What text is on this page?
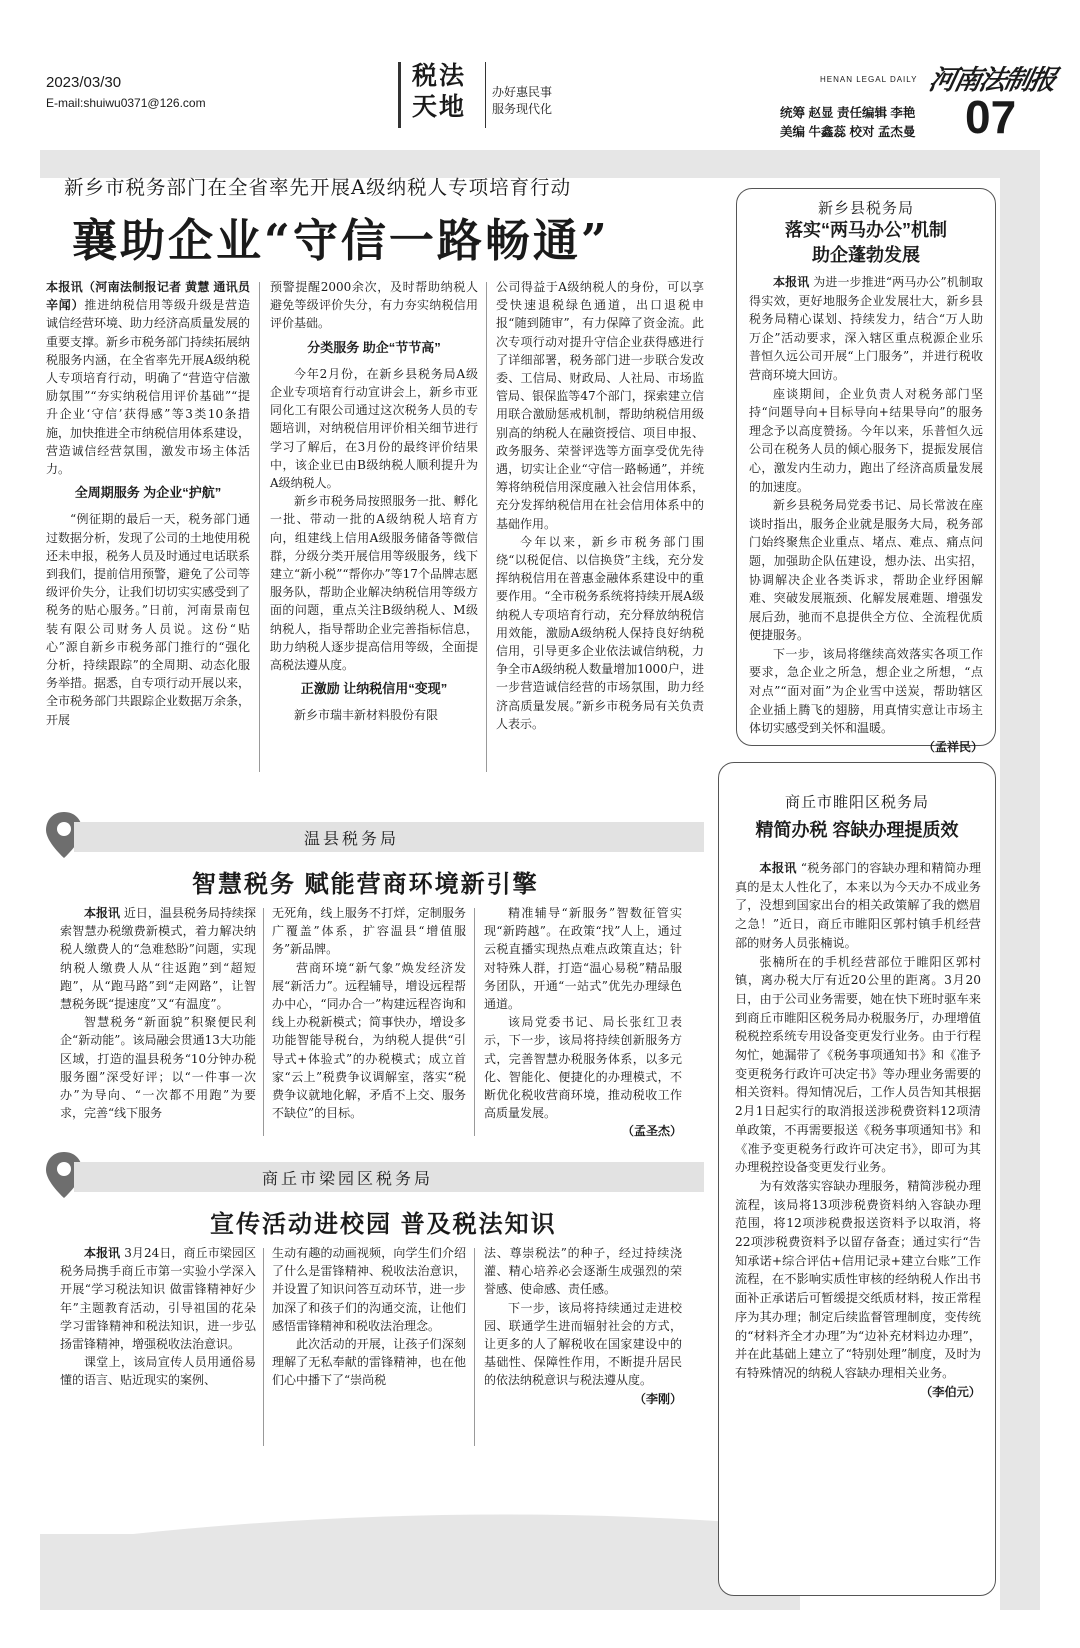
2023/03/30
E-mail:shuiwu0371@126.com
税法
天地 办好惠民事
服务现代化
HENAN LEGAL DAILY 河南法制报
统筹 赵显 责任编辑 李艳
美编 牛鑫蕊 校对 孟杰曼 07
新乡市税务部门在全省率先开展A级纳税人专项培育行动
襄助企业“守信一路畅通”

本报讯（河南法制报记者 黄慧 通讯员 辛闻）推进纳税信用等级升级是营造诚信经营环境、助力经济高质量发展的重要支撑。新乡市税务部门持续拓展纳税服务内涵，在全省率先开展A级纳税人专项培育行动，明确了“营造守信激励氛围”“夯实纳税信用评价基础”“提升企业‘守信’获得感”等3类10条措施，加快推进全市纳税信用体系建设，营造诚信经营氛围，激发市场主体活力。

全周期服务 为企业“护航”

“例征期的最后一天，税务部门通过数据分析，发现了公司的土地使用税还未申报，税务人员及时通过电话联系到我们，提前信用预警，避免了公司等级评价失分，让我们切切实实感受到了税务的贴心服务。”日前，河南景南包装有限公司财务人员说。这份“贴心”源自新乡市税务部门推行的“强化分析，持续跟踪”的全周期、动态化服务举措。据悉，自专项行动开展以来，全市税务部门共跟踪企业数据万余条，开展

预警提醒2000余次，及时帮助纳税人避免等级评价失分，有力夯实纳税信用评价基础。

分类服务 助企“节节高”

今年2月份，在新乡县税务局A级企业专项培育行动宣讲会上，新乡市亚同化工有限公司通过这次税务人员的专题培训，对纳税信用评价相关细节进行学习了解后，在3月份的最终评价结果中，该企业已由B级纳税人顺利提升为A级纳税人。

新乡市税务局按照服务一批、孵化一批、带动一批的A级纳税人培育方向，组建线上信用A级服务储备等微信群，分级分类开展信用等级服务，线下建立“新小税”“帮你办”等17个品牌志愿服务队，帮助企业解决纳税信用等级方面的问题，重点关注B级纳税人、M级纳税人，指导帮助企业完善指标信息，助力纳税人逐步提高信用等级，全面提高税法遵从度。

正激励 让纳税信用“变现”

新乡市瑞丰新材料股份有限

公司得益于A级纳税人的身份，可以享受快速退税绿色通道，出口退税申报“随到随审”，有力保障了资金流。此次专项行动对提升守信企业获得感进行了详细部署，税务部门进一步联合发改委、工信局、财政局、人社局、市场监管局、银保监等47个部门，探索建立信用联合激励惩戒机制，帮助纳税信用级别高的纳税人在融资授信、项目申报、政务服务、荣誉评选等方面享受优先待遇，切实让企业“守信一路畅通”，并统筹将纳税信用深度融入社会信用体系，充分发挥纳税信用在社会信用体系中的基础作用。

今年以来，新乡市税务部门围绕“以税促信、以信换贷”主线，充分发挥纳税信用在普惠金融体系建设中的重要作用。“全市税务系统将持续开展A级纳税人专项培育行动，充分释放纳税信用效能，激励A级纳税人保持良好纳税信用，引导更多企业依法诚信纳税，力争全市A级纳税人数量增加1000户，进一步营造诚信经营的市场氛围，助力经济高质量发展。”新乡市税务局有关负责人表示。

新乡县税务局
落实“两马办公”机制
助企蓬勃发展

本报讯 为进一步推进“两马办公”机制取得实效，更好地服务企业发展壮大，新乡县税务局精心谋划、持续发力，结合“万人助万企”活动要求，深入辖区重点税源企业乐普恒久远公司开展“上门服务”，并进行税收营商环境大回访。

座谈期间，企业负责人对税务部门坚持“问题导向+目标导向+结果导向”的服务理念予以高度赞扬。今年以来，乐普恒久远公司在税务人员的倾心服务下，提振发展信心，激发内生动力，跑出了经济高质量发展的加速度。

新乡县税务局党委书记、局长常波在座谈时指出，服务企业就是服务大局，税务部门始终聚焦企业重点、堵点、难点、痛点问题，加强助企队伍建设，想办法、出实招，协调解决企业各类诉求，帮助企业纾困解难、突破发展瓶颈、化解发展难题、增强发展后劲，驰而不息提供全方位、全流程优质便捷服务。

下一步，该局将继续高效落实各项工作要求，急企业之所急，想企业之所想，“点对点”“面对面”为企业雪中送炭，帮助辖区企业插上腾飞的翅膀，用真情实意让市场主体切实感受到关怀和温暖。

（孟祥民）
商丘市睢阳区税务局
精简办税 容缺办理提质效

本报讯 “税务部门的容缺办理和精简办理真的是太人性化了，本来以为今天办不成业务了，没想到国家出台的相关政策解了我的燃眉之急！”近日，商丘市睢阳区郭村镇手机经营部的财务人员张楠说。

张楠所在的手机经营部位于睢阳区郭村镇，离办税大厅有近20公里的距离。3月20日，由于公司业务需要，她在快下班时驱车来到商丘市睢阳区税务局办税服务厅，办理增值税税控系统专用设备变更发行业务。由于行程匆忙，她漏带了《税务事项通知书》和《准予变更税务行政许可决定书》等办理业务需要的相关资料。得知情况后，工作人员告知其根据2月1日起实行的取消报送涉税费资料12项清单政策，不再需要报送《税务事项通知书》和《准予变更税务行政许可决定书》，即可为其办理税控设备变更发行业务。

为有效落实容缺办理服务，精简涉税办理流程，该局将13项涉税费资料纳入容缺办理范围，将12项涉税费报送资料予以取消，将22项涉税费资料予以留存备查；通过实行“告知承诺+综合评估+信用记录+建立台账”工作流程，在不影响实质性审核的经纳税人作出书面补正承诺后可暂缓提交纸质材料，按正常程序为其办理；制定后续监督管理制度，变传统的“材料齐全才办理”为“边补充材料边办理”，并在此基础上建立了“特别处理”制度，及时为有特殊情况的纳税人容缺办理相关业务。

（李伯元）
温县税务局
智慧税务 赋能营商环境新引擎

本报讯 近日，温县税务局持续探索智慧办税缴费新模式，着力解决纳税人缴费人的“急难愁盼”问题，实现纳税人缴费人从“往返跑”到“超短跑”，从“跑马路”到“走网路”，让智慧税务既“提速度”又“有温度”。

智慧税务“新面貌”积聚便民利企“新动能”。该局融会贯通13大功能区域，打造的温县税务“10分钟办税服务圈”深受好评；以“一件事一次办”为导向、“一次都不用跑”为要求，完善“线下服务

无死角，线上服务不打烊，定制服务广覆盖”体系，扩容温县“增值服务”新品牌。

营商环境“新气象”焕发经济发展“新活力”。远程辅导，增设远程帮办中心，“同办合一”构建远程咨询和线上办税新模式；简事快办，增设多功能智能导税台，为纳税人提供“引导式+体验式”的办税模式；成立首家“云上”税费争议调解室，落实“税费争议就地化解，矛盾不上交、服务不缺位”的目标。

精准辅导“新服务”智数征管实现“新跨越”。在政策“找”人上，通过云税直播实现热点难点政策直达；针对特殊人群，打造“温心易税”精品服务团队，开通“一站式”优先办理绿色通道。

该局党委书记、局长张红卫表示，下一步，该局将持续创新服务方式，完善智慧办税服务体系，以多元化、智能化、便捷化的办理模式，不断优化税收营商环境，推动税收工作高质量发展。

（孟圣杰）
商丘市梁园区税务局
宣传活动进校园 普及税法知识

本报讯 3月24日，商丘市梁园区税务局携手商丘市第一实验小学深入开展“学习税法知识 做雷锋精神好少年”主题教育活动，引导祖国的花朵学习雷锋精神和税法知识，进一步弘扬雷锋精神，增强税收法治意识。

课堂上，该局宣传人员用通俗易懂的语言、贴近现实的案例、

生动有趣的动画视频，向学生们介绍了什么是雷锋精神、税收法治意识，并设置了知识问答互动环节，进一步加深了和孩子们的沟通交流，让他们感悟雷锋精神和税收法治理念。

此次活动的开展，让孩子们深刻理解了无私奉献的雷锋精神，也在他们心中播下了“崇尚税

法、尊崇税法”的种子，经过持续浇灌、精心培养必会逐渐生成强烈的荣誉感、使命感、责任感。

下一步，该局将持续通过走进校园、联通学生进而辐射社会的方式，让更多的人了解税收在国家建设中的基础性、保障性作用，不断提升居民的依法纳税意识与税法遵从度。

（李刚）
